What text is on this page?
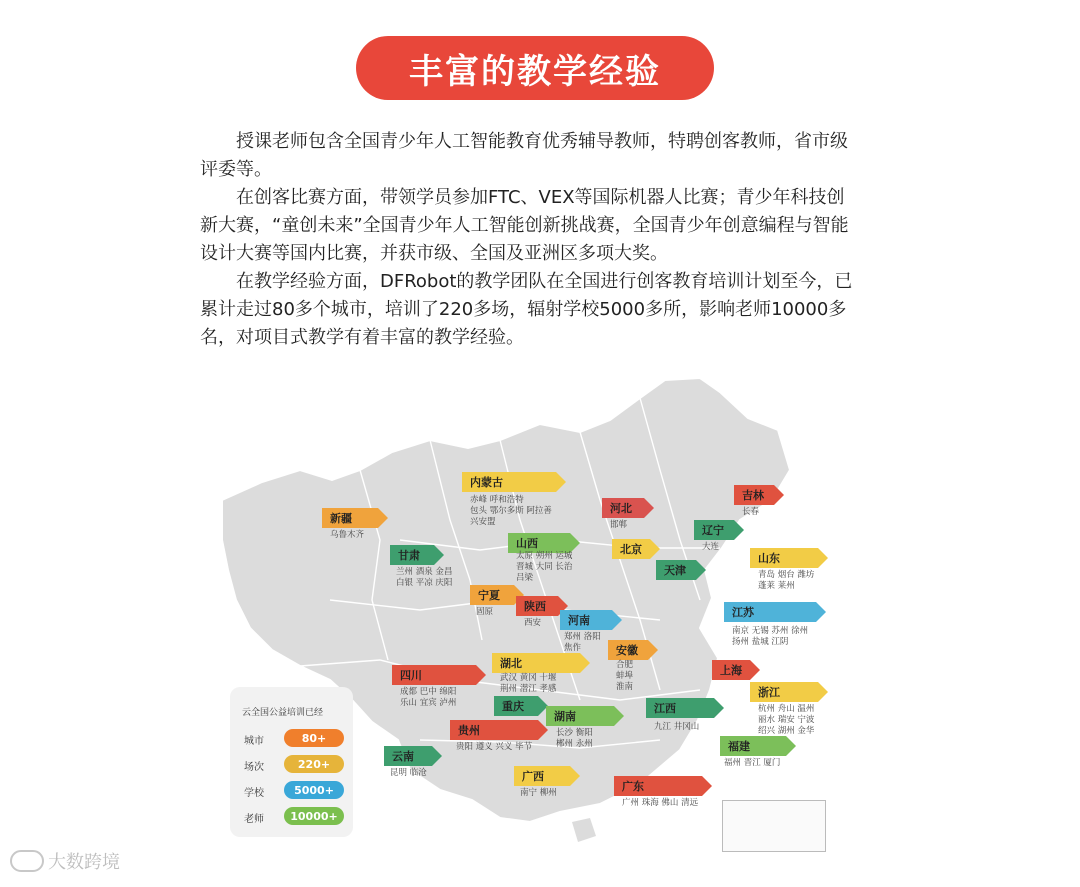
丰富的教学经验

授课老师包含全国青少年人工智能教育优秀辅导教师，特聘创客教师，省市级评委等。

在创客比赛方面，带领学员参加FTC、VEX等国际机器人比赛；青少年科技创新大赛，“童创未来”全国青少年人工智能创新挑战赛，全国青少年创意编程与智能设计大赛等国内比赛，并获市级、全国及亚洲区多项大奖。

在教学经验方面，DFRobot的教学团队在全国进行创客教育培训计划至今，已累计走过80多个城市，培训了220多场，辐射学校5000多所，影响老师10000多名，对项目式教学有着丰富的教学经验。

内蒙古
赤峰 呼和浩特
包头 鄂尔多斯 阿拉善
兴安盟
新疆
乌鲁木齐
甘肃
兰州 酒泉 金昌
白银 平凉 庆阳
山西
太原 朔州 运城
晋城 大同 长治
吕梁
河北
邯郸
北京
吉林
长春
辽宁
大连
天津
山东
青岛 烟台 潍坊
蓬莱 莱州
宁夏
固原	陕西
西安	河南
郑州 洛阳
焦作
江苏
南京 无锡 苏州 徐州
扬州 盐城 江阴
安徽
合肥
蚌埠
淮南
湖北
武汉 黄冈 十堰
荆州 潜江 孝感
四川
成都 巴中 绵阳
乐山 宜宾 泸州
上海
浙江
杭州 舟山 温州
丽水 瑞安 宁波
绍兴 湖州 金华
重庆
湖南
长沙 衡阳
郴州 永州
江西
九江 井冈山
贵州
贵阳 遵义 兴义 毕节
云南
昆明 临沧
福建
福州 晋江 厦门
广西
南宁 柳州	广东
广州 珠海 佛山 清远
云全国公益培训已经
城市	80+
场次	220+
学校	5000+
老师	10000+
大数跨境
